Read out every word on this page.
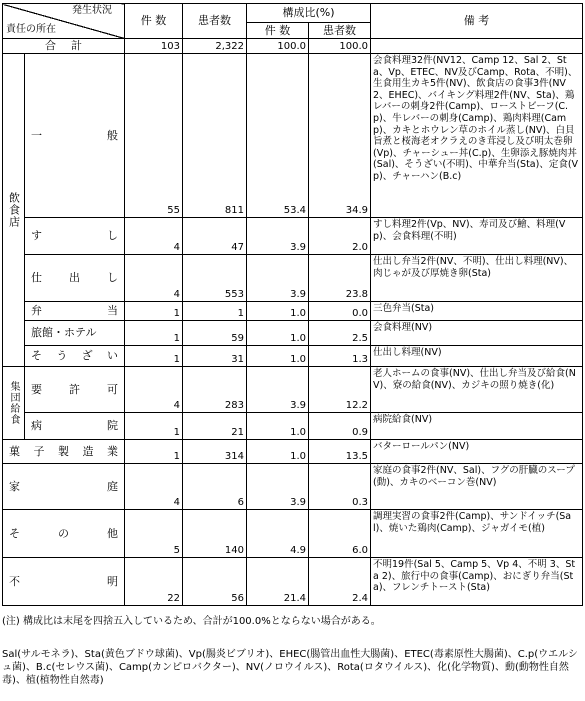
発生状況
責任の所在		件 数	患者数	構成比(%)		備 考
				件 数	患者数	

合 計		103	2,322	100.0	100.0	
飲食店	一 般	55	811	53.4	34.9	会食料理32件(NV12、Camp 12、Sal 2、Sta、Vp、ETEC、NV及びCamp、Rota、不明)、生食用生カキ5件(NV)、飲食店の食事3件(NV 2、EHEC)、バイキング料理2件(NV、Sta)、鶏レバーの刺身2件(Camp)、ローストビーフ(C.p)、牛レバーの刺身(Camp)、鶏肉料理(Camp)、カキとホウレン草のホイル蒸し(NV)、白貝旨煮と桜海老オクラえのき茸浸し及び明太巻卵(Vp)、チャーシュー丼(C.p)、生卵添え豚焼肉丼(Sal)、そうざい(不明)、中華弁当(Sta)、定食(Vp)、チャーハン(B.c)

	す し	4	47	3.9	2.0	すし料理2件(Vp、NV)、寿司及び鱠、料理(Vp)、会食料理(不明)

	仕 出 し	4	553	3.9	23.8	仕出し弁当2件(NV、不明)、仕出し料理(NV)、肉じゃが及び厚焼き卵(Sta)

	弁 当	1	1	1.0	0.0	三色弁当(Sta)

	旅館・ホテル	1	59	1.0	2.5	会食料理(NV)

	そ う ざ い	1	31	1.0	1.3	仕出し料理(NV)
集団給食	要 許 可	4	283	3.9	12.2	老人ホームの食事(NV)、仕出し弁当及び給食(NV)、寮の給食(NV)、カジキの照り焼き(化)

	病 院	1	21	1.0	0.9	病院給食(NV)

菓 子 製 造 業		1	314	1.0	13.5	バターロールパン(NV)

家 庭		4	6	3.9	0.3	家庭の食事2件(NV、Sal)、フグの肝臓のスープ(動)、カキのベーコン巻(NV)

そ の 他		5	140	4.9	6.0	調理実習の食事2件(Camp)、サンドイッチ(Sal)、焼いた鶏肉(Camp)、ジャガイモ(植)

不 明		22	56	21.4	2.4	不明19件(Sal 5、Camp 5、Vp 4、不明 3、Sta 2)、旅行中の食事(Camp)、おにぎり弁当(Sta)、フレンチトースト(Sta)
(注) 構成比は末尾を四捨五入しているため、合計が100.0%とならない場合がある。
Sal(サルモネラ)、Sta(黄色ブドウ球菌)、Vp(腸炎ビブリオ)、EHEC(腸管出血性大腸菌)、ETEC(毒素原性大腸菌)、C.p(ウエルシュ菌)、B.c(セレウス菌)、Camp(カンピロバクター)、NV(ノロウイルス)、Rota(ロタウイルス)、化(化学物質)、動(動物性自然毒)、植(植物性自然毒)
